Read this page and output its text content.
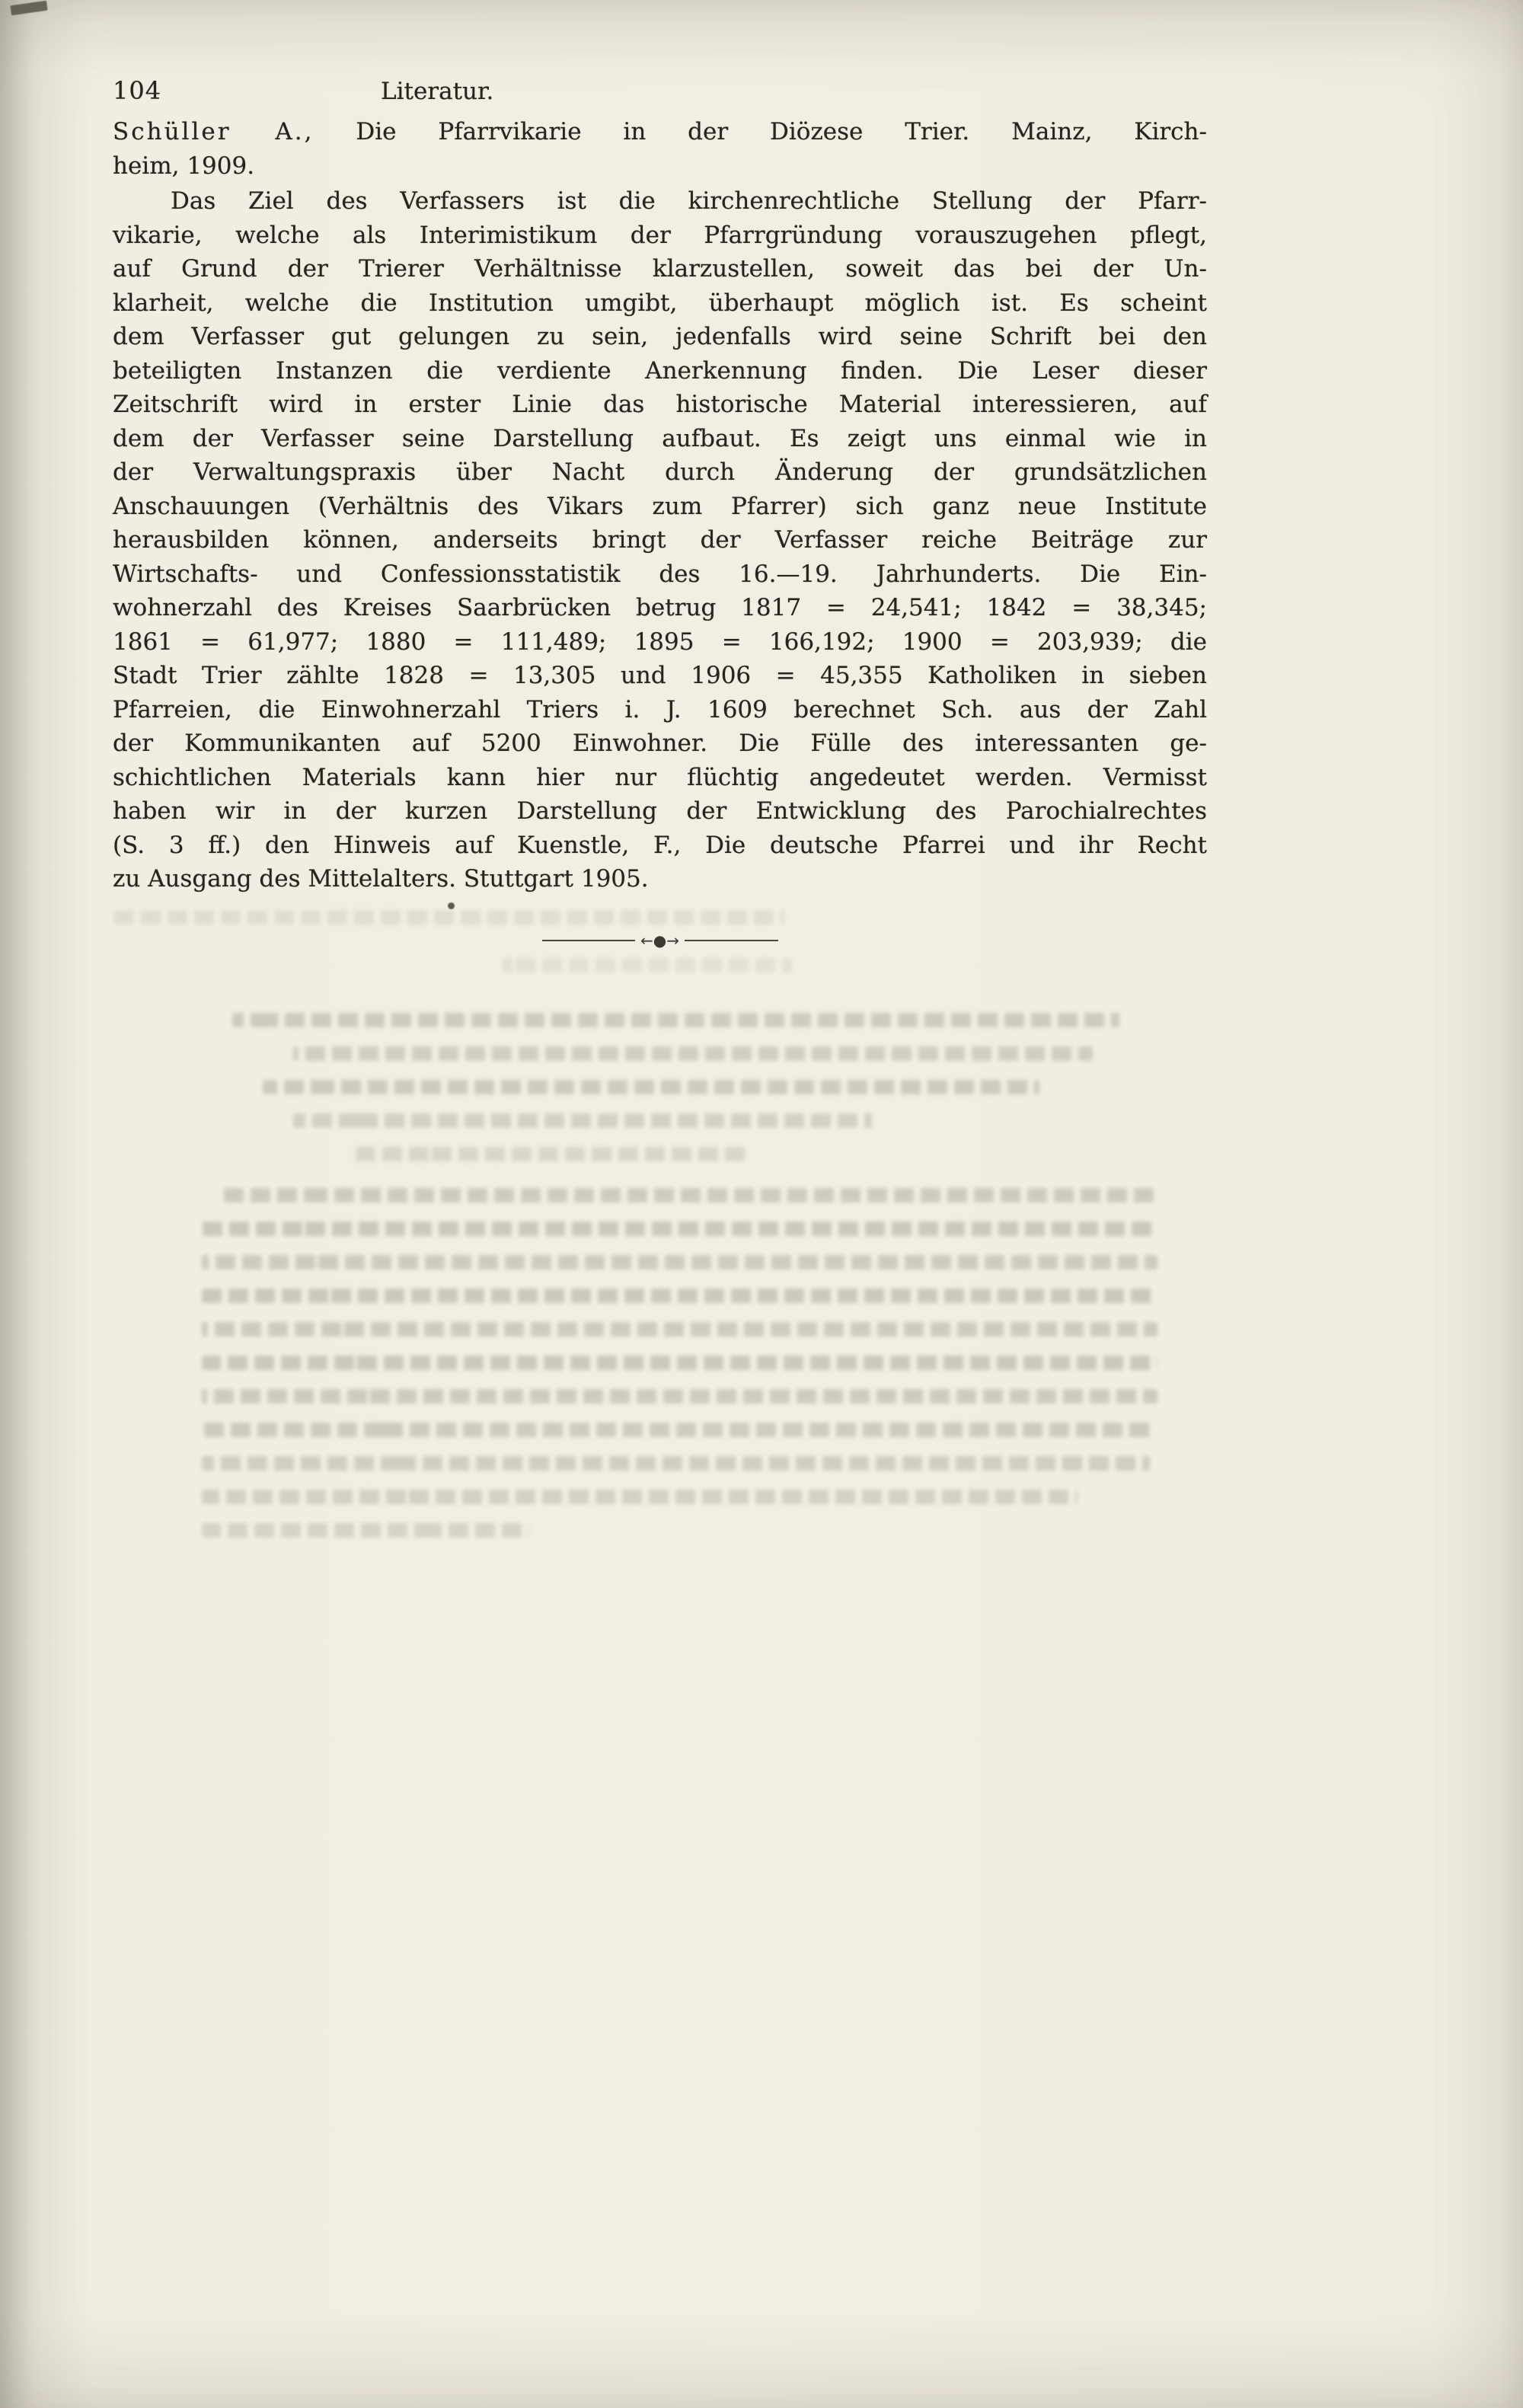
104	Literatur.
Schüller A., Die Pfarrvikarie in der Diözese Trier. Mainz, Kirch-
heim, 1909.
Das Ziel des Verfassers ist die kirchenrechtliche Stellung der Pfarr-
vikarie, welche als Interimistikum der Pfarrgründung vorauszugehen pflegt,
auf Grund der Trierer Verhältnisse klarzustellen, soweit das bei der Un-
klarheit, welche die Institution umgibt, überhaupt möglich ist. Es scheint
dem Verfasser gut gelungen zu sein, jedenfalls wird seine Schrift bei den
beteiligten Instanzen die verdiente Anerkennung finden. Die Leser dieser
Zeitschrift wird in erster Linie das historische Material interessieren, auf
dem der Verfasser seine Darstellung aufbaut. Es zeigt uns einmal wie in
der Verwaltungspraxis über Nacht durch Änderung der grundsätzlichen
Anschauungen (Verhältnis des Vikars zum Pfarrer) sich ganz neue Institute
herausbilden können, anderseits bringt der Verfasser reiche Beiträge zur
Wirtschafts- und Confessionsstatistik des 16.—19. Jahrhunderts. Die Ein-
wohnerzahl des Kreises Saarbrücken betrug 1817 = 24,541; 1842 = 38,345;
1861 = 61,977; 1880 = 111,489; 1895 = 166,192; 1900 = 203,939; die
Stadt Trier zählte 1828 = 13,305 und 1906 = 45,355 Katholiken in sieben
Pfarreien, die Einwohnerzahl Triers i. J. 1609 berechnet Sch. aus der Zahl
der Kommunikanten auf 5200 Einwohner. Die Fülle des interessanten ge-
schichtlichen Materials kann hier nur flüchtig angedeutet werden. Vermisst
haben wir in der kurzen Darstellung der Entwicklung des Parochialrechtes
(S. 3 ff.) den Hinweis auf Kuenstle, F., Die deutsche Pfarrei und ihr Recht
zu Ausgang des Mittelalters. Stuttgart 1905.
←●→
